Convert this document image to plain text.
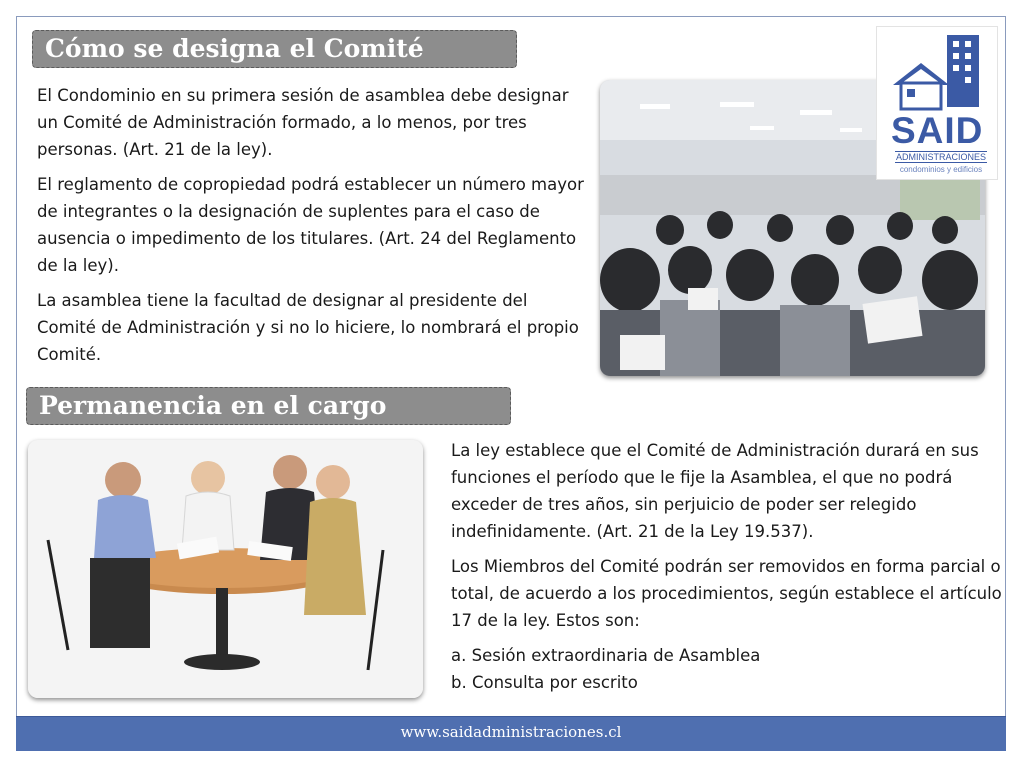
Cómo se designa el Comité

El Condominio en su primera sesión de asamblea debe designar un Comité de Administración formado, a lo menos, por tres personas. (Art. 21 de la ley).

El reglamento de copropiedad podrá establecer un número mayor de integrantes o la designación de suplentes para el caso de ausencia o impedimento de los titulares. (Art. 24 del Reglamento de la ley).

La asamblea tiene la facultad de designar al presidente del Comité de Administración y si no lo hiciere, lo nombrará el propio Comité.

SAID
ADMINISTRACIONES
condominios y edificios
Permanencia en el cargo

La ley establece que el Comité de Administración durará en sus funciones el período que le fije la Asamblea, el que no podrá exceder de tres años, sin perjuicio de poder ser relegido indefinidamente. (Art. 21 de la Ley 19.537).

Los Miembros del Comité podrán ser removidos en forma parcial o total, de acuerdo a los procedimientos, según establece el artículo 17 de la ley. Estos son:

a. Sesión extraordinaria de Asamblea

b. Consulta por escrito

www.saidadministraciones.cl
